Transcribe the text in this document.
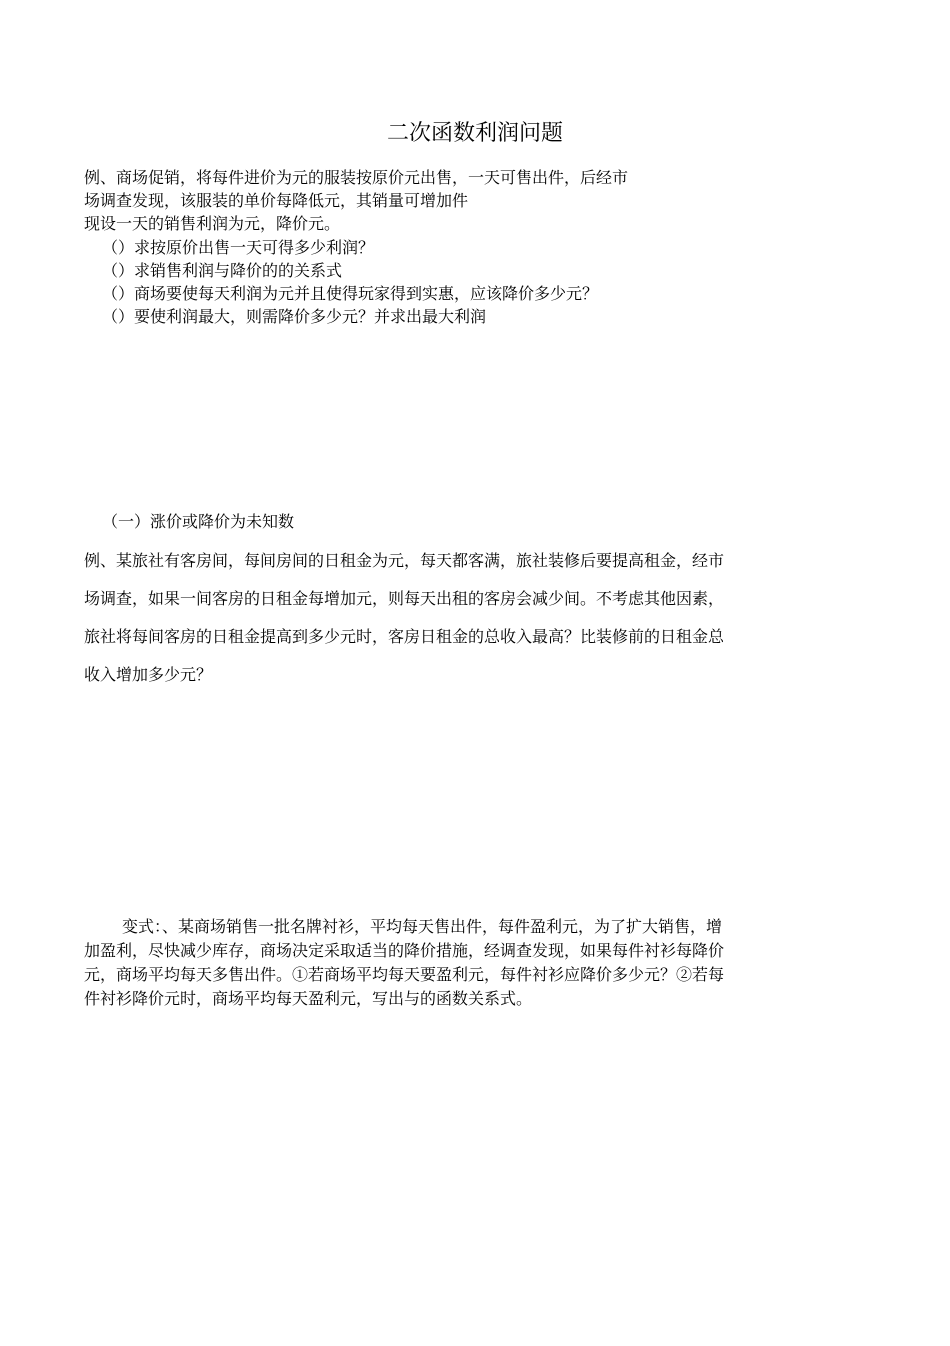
二次函数利润问题

例、商场促销，将每件进价为元的服装按原价元出售，一天可售出件，后经市
场调查发现，该服装的单价每降低元，其销量可增加件
现设一天的销售利润为元，降价元。

（）求按原价出售一天可得多少利润？
（）求销售利润与降价的的关系式
（）商场要使每天利润为元并且使得玩家得到实惠，应该降价多少元？
（）要使利润最大，则需降价多少元？并求出最大利润

（一）涨价或降价为未知数

例、某旅社有客房间，每间房间的日租金为元，每天都客满，旅社装修后要提高租金，经市
场调查，如果一间客房的日租金每增加元，则每天出租的客房会减少间。不考虑其他因素，
旅社将每间客房的日租金提高到多少元时，客房日租金的总收入最高？比装修前的日租金总
收入增加多少元？

变式：、某商场销售一批名牌衬衫，平均每天售出件，每件盈利元，为了扩大销售，增
加盈利，尽快减少库存，商场决定采取适当的降价措施，经调查发现，如果每件衬衫每降价
元，商场平均每天多售出件。①若商场平均每天要盈利元，每件衬衫应降价多少元？②若每
件衬衫降价元时，商场平均每天盈利元，写出与的函数关系式。
